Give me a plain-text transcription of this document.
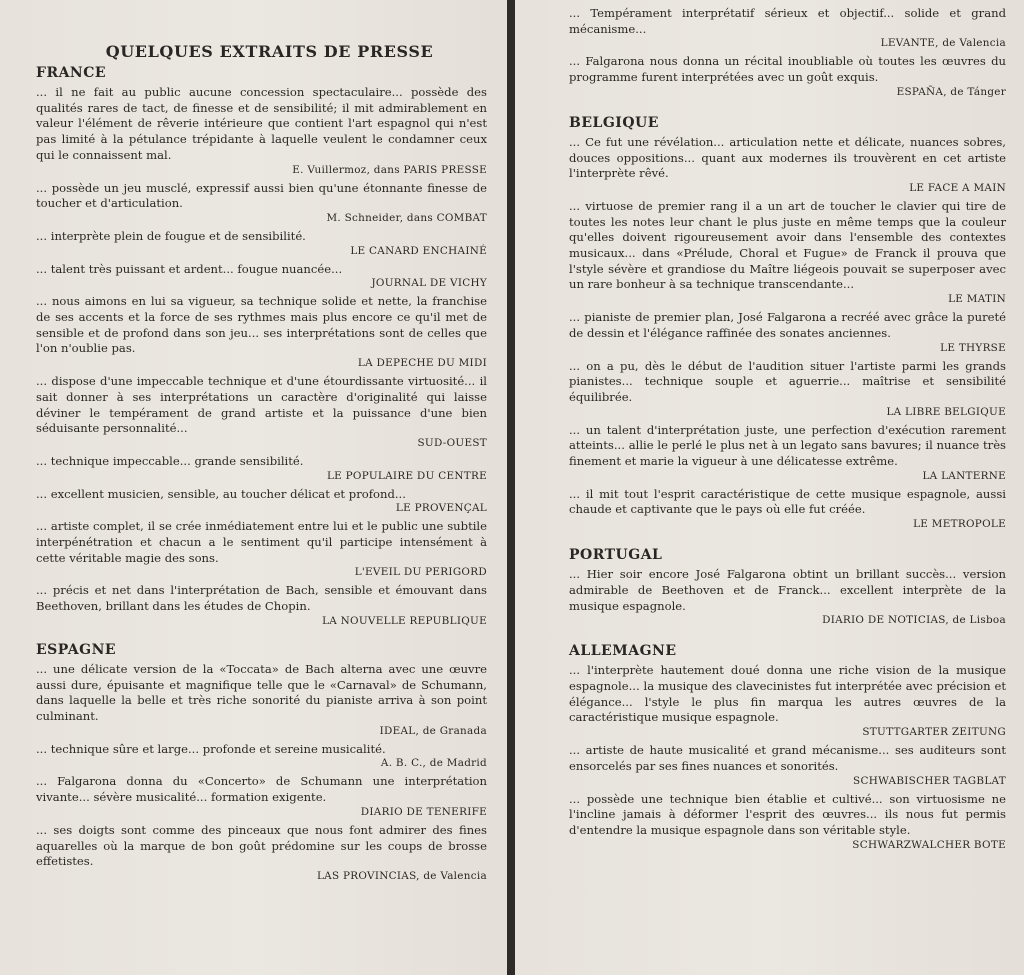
QUELQUES EXTRAITS DE PRESSE
FRANCE

... il ne fait au public aucune concession spectaculaire... possède des qualités rares de tact, de finesse et de sensibilité; il mit admirablement en valeur l'élément de rêverie intérieure que contient l'art espagnol qui n'est pas limité à la pétulance trépidante à laquelle veulent le condamner ceux qui le connaissent mal.

E. Vuillermoz, dans PARIS PRESSE

... possède un jeu musclé, expressif aussi bien qu'une étonnante finesse de toucher et d'articulation.

M. Schneider, dans COMBAT

... interprète plein de fougue et de sensibilité.

LE CANARD ENCHAINÉ

... talent très puissant et ardent... fougue nuancée...

JOURNAL DE VICHY

... nous aimons en lui sa vigueur, sa technique solide et nette, la franchise de ses accents et la force de ses rythmes mais plus encore ce qu'il met de sensible et de profond dans son jeu... ses interprétations sont de celles que l'on n'oublie pas.

LA DEPECHE DU MIDI

... dispose d'une impeccable technique et d'une étourdissante virtuosité... il sait donner à ses interprétations un caractère d'originalité qui laisse déviner le tempérament de grand artiste et la puissance d'une bien séduisante personnalité...

SUD-OUEST

... technique impeccable... grande sensibilité.

LE POPULAIRE DU CENTRE

... excellent musicien, sensible, au toucher délicat et profond...

LE PROVENÇAL

... artiste complet, il se crée inmédiatement entre lui et le public une subtile interpénétration et chacun a le sentiment qu'il participe intensément à cette véritable magie des sons.

L'EVEIL DU PERIGORD

... précis et net dans l'interprétation de Bach, sensible et émouvant dans Beethoven, brillant dans les études de Chopin.

LA NOUVELLE REPUBLIQUE
ESPAGNE

... une délicate version de la «Toccata» de Bach alterna avec une œuvre aussi dure, épuisante et magnifique telle que le «Carnaval» de Schumann, dans laquelle la belle et très riche sonorité du pianiste arriva à son point culminant.

IDEAL, de Granada

... technique sûre et large... profonde et sereine musicalité.

A. B. C., de Madrid

... Falgarona donna du «Concerto» de Schumann une interprétation vivante... sévère musicalité... formation exigente.

DIARIO DE TENERIFE

... ses doigts sont comme des pinceaux que nous font admirer des fines aquarelles où la marque de bon goût prédomine sur les coups de brosse effetistes.

LAS PROVINCIAS, de Valencia

... Tempérament interprétatif sérieux et objectif... solide et grand mécanisme...

LEVANTE, de Valencia

... Falgarona nous donna un récital inoubliable où toutes les œuvres du programme furent interprétées avec un goût exquis.

ESPAÑA, de Tánger
BELGIQUE

... Ce fut une révélation... articulation nette et délicate, nuances sobres, douces oppositions... quant aux modernes ils trouvèrent en cet artiste l'interprète rêvé.

LE FACE A MAIN

... virtuose de premier rang il a un art de toucher le clavier qui tire de toutes les notes leur chant le plus juste en même temps que la couleur qu'elles doivent rigoureusement avoir dans l'ensemble des contextes musicaux... dans «Prélude, Choral et Fugue» de Franck il prouva que l'style sévère et grandiose du Maître liégeois pouvait se superposer avec un rare bonheur à sa technique transcendante...

LE MATIN

... pianiste de premier plan, José Falgarona a recréé avec grâce la pureté de dessin et l'élégance raffinée des sonates anciennes.

LE THYRSE

... on a pu, dès le début de l'audition situer l'artiste parmi les grands pianistes... technique souple et aguerrie... maîtrise et sensibilité équilibrée.

LA LIBRE BELGIQUE

... un talent d'interprétation juste, une perfection d'exécution rarement atteints... allie le perlé le plus net à un legato sans bavures; il nuance très finement et marie la vigueur à une délicatesse extrême.

LA LANTERNE

... il mit tout l'esprit caractéristique de cette musique espagnole, aussi chaude et captivante que le pays où elle fut créée.

LE METROPOLE
PORTUGAL

... Hier soir encore José Falgarona obtint un brillant succès... version admirable de Beethoven et de Franck... excellent interprète de la musique espagnole.

DIARIO DE NOTICIAS, de Lisboa
ALLEMAGNE

... l'interprète hautement doué donna une riche vision de la musique espagnole... la musique des clavecinistes fut interprétée avec précision et élégance... l'style le plus fin marqua les autres œuvres de la caractéristique musique espagnole.

STUTTGARTER ZEITUNG

... artiste de haute musicalité et grand mécanisme... ses auditeurs sont ensorcelés par ses fines nuances et sonorités.

SCHWABISCHER TAGBLAT

... possède une technique bien établie et cultivé... son virtuosisme ne l'incline jamais à déformer l'esprit des œuvres... ils nous fut permis d'entendre la musique espagnole dans son véritable style.

SCHWARZWALCHER BOTE
